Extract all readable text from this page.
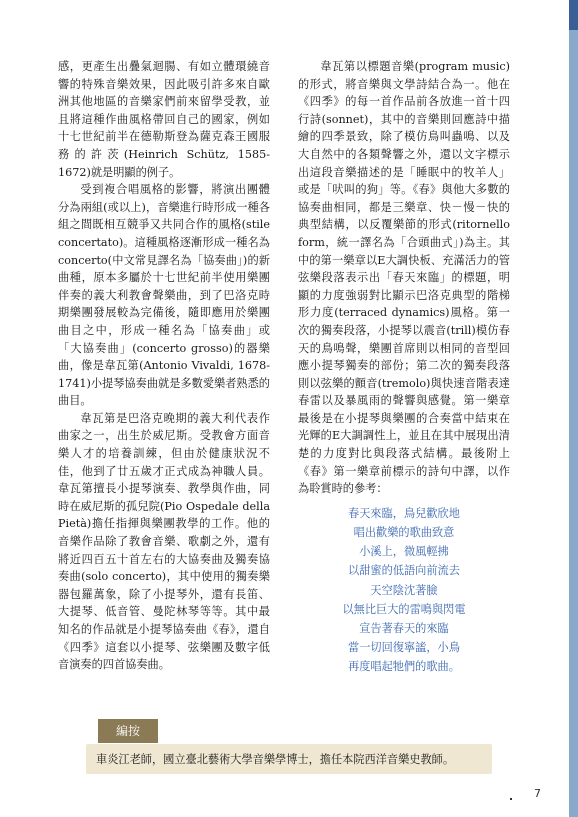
感，更產生出疊氣迴腸、有如立體環繞音響的特殊音樂效果，因此吸引許多來自歐洲其他地區的音樂家們前來留學受教，並且將這種作曲風格帶回自己的國家，例如十七世紀前半在德勒斯登為薩克森王國服務的許茨(Heinrich Schütz, 1585-1672)就是明顯的例子。

受到複合唱風格的影響，將演出團體分為兩組(或以上)，音樂進行時形成一種各組之間既相互競爭又共同合作的風格(stile concertato)。這種風格逐漸形成一種名為concerto(中文常見譯名為「協奏曲」)的新曲種，原本多屬於十七世紀前半使用樂團伴奏的義大利教會聲樂曲，到了巴洛克時期樂團發展較為完備後，隨即應用於樂團曲目之中，形成一種名為「協奏曲」或「大協奏曲」(concerto grosso)的器樂曲，像是韋瓦第(Antonio Vivaldi, 1678-1741)小提琴協奏曲就是多數愛樂者熟悉的曲目。

韋瓦第是巴洛克晚期的義大利代表作曲家之一，出生於威尼斯。受教會方面音樂人才的培養訓練，但由於健康狀況不佳，他到了廿五歲才正式成為神職人員。韋瓦第擅長小提琴演奏、教學與作曲，同時在威尼斯的孤兒院(Pio Ospedale della Pietà)擔任指揮與樂團教學的工作。他的音樂作品除了教會音樂、歌劇之外，還有將近四百五十首左右的大協奏曲及獨奏協奏曲(solo concerto)，其中使用的獨奏樂器包羅萬象，除了小提琴外，還有長笛、大提琴、低音管、曼陀林琴等等。其中最知名的作品就是小提琴協奏曲《春》，還自《四季》這套以小提琴、弦樂團及數字低音演奏的四首協奏曲。

韋瓦第以標題音樂(program music)的形式，將音樂與文學詩結合為一。他在《四季》的每一首作品前各放進一首十四行詩(sonnet)，其中的音樂則回應詩中描繪的四季景致，除了模仿鳥叫蟲鳴、以及大自然中的各類聲響之外，還以文字標示出這段音樂描述的是「睡眠中的牧羊人」或是「吠叫的狗」等。《春》與他大多數的協奏曲相同，都是三樂章、快－慢－快的典型結構，以反覆樂節的形式(ritornello form，統一譯名為「合頭曲式」)為主。其中的第一樂章以E大調快板、充滿活力的管弦樂段落表示出「春天來臨」的標題，明顯的力度強弱對比顯示巴洛克典型的階梯形力度(terraced dynamics)風格。第一次的獨奏段落，小提琴以震音(trill)模仿春天的鳥鳴聲，樂團首席則以相同的音型回應小提琴獨奏的部份；第二次的獨奏段落則以弦樂的顫音(tremolo)與快速音階表達春雷以及暴風雨的聲響與感覺。第一樂章最後是在小提琴與樂團的合奏當中結束在光輝的E大調調性上，並且在其中展現出清楚的力度對比與段落式結構。最後附上《春》第一樂章前標示的詩句中譯，以作為聆賞時的參考：

春天來臨，鳥兒歡欣地
唱出歡樂的歌曲致意
小溪上，微風輕拂
以甜蜜的低語向前流去
天空陰沈著臉
以無比巨大的雷鳴與閃電
宣告著春天的來臨
當一切回復寧謐，小鳥
再度唱起牠們的歌曲。
編按
車炎江老師，國立臺北藝術大學音樂學博士，擔任本院西洋音樂史教師。
7
